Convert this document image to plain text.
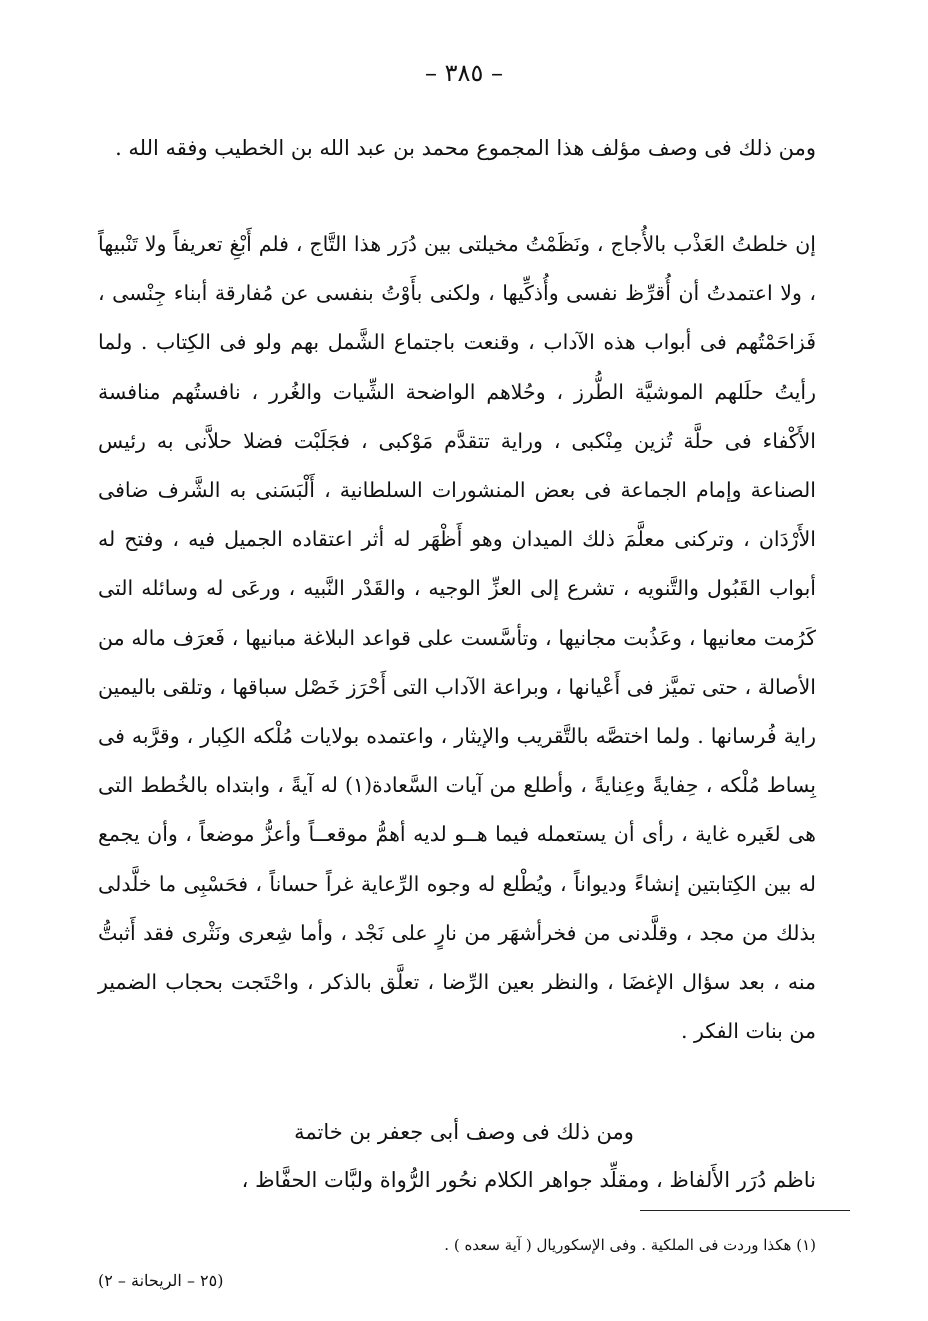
– ٣٨٥ –
ومن ذلك فى وصف مؤلف هذا المجموع محمد بن عبد الله بن الخطيب وفقه الله .
إن خلطتُ العَذْب بالأُجاج ، ونَظَمْتُ مخيلتى بين دُرَر هذا التَّاج ، فلم أَبْغِ تعريفاً ولا تَنْبيهاً ، ولا اعتمدتُ أن أُقرِّظ نفسى وأُذكِّيها ، ولكنى بأَوْتُ بنفسى عن مُفارقة أبناء جِنْسى ، فَزاحَمْتُهم فى أبواب هذه الآداب ، وقنعت باجتماع الشَّمل بهم ولو فى الكِتاب . ولما رأيتُ حلَلهم الموشيَّة الطُّرز ، وحُلاهم الواضحة الشِّيات والغُرر ، نافستُهم منافسة الأَكْفاء فى حلَّة تُزين مِنْكبى ، وراية تتقدَّم مَوْكبى ، فجَلَبْت فضلا حلاَّنى به رئيس الصناعة وإمام الجماعة فى بعض المنشورات السلطانية ، أَلْبَسَنى به الشَّرف ضافى الأَرْدَان ، وتركنى معلَّمَ ذلك الميدان وهو أَظْهَر له أثر اعتقاده الجميل فيه ، وفتح له أبواب القَبُول والتَّنويه ، تشرع إلى العزِّ الوجيه ، والقَدْر النَّبيه ، ورعَى له وسائله التى كَرُمت معانيها ، وعَذُبت مجانيها ، وتأسَّست على قواعد البلاغة مبانيها ، فَعرَف ماله من الأصالة ، حتى تميَّز فى أَعْيانها ، وبراعة الآداب التى أَحْرَز خَصْل سباقها ، وتلقى باليمين راية فُرسانها . ولما اختصَّه بالتَّقريب والإيثار ، واعتمده بولايات مُلْكه الكِبار ، وقرَّبه فى بِساط مُلْكه ، حِفايةً وعِنايةً ، وأطلع من آيات السَّعادة(١) له آيةً ، وابتداه بالخُطط التى هى لغَيره غاية ، رأى أن يستعمله فيما هــو لديه أهمُّ موقعــاً وأعزُّ موضعاً ، وأن يجمع له بين الكِتابتين إنشاءً وديواناً ، ويُطْلع له وجوه الرِّعاية غراً حساناً ، فحَسْبِى ما خلَّدلى بذلك من مجد ، وقلَّدنى من فخرأشهَر من نارٍ على نَجْد ، وأما شِعرى ونَثْرى فقد أَثبتُّ منه ، بعد سؤال الإغضَا ، والنظر بعين الرِّضا ، تعلَّق بالذكر ، واحْتَجت بحجاب الضمير من بنات الفكر .
ومن ذلك فى وصف أبى جعفر بن خاتمة
ناظم دُرَر الأَلفاظ ، ومقلِّد جواهر الكلام نحُور الرُّواة ولبَّات الحفَّاظ ،
(١) هكذا وردت فى الملكية . وفى الإسكوريال ( آية سعده ) .
(٢٥ – الريحانة – ٢)
